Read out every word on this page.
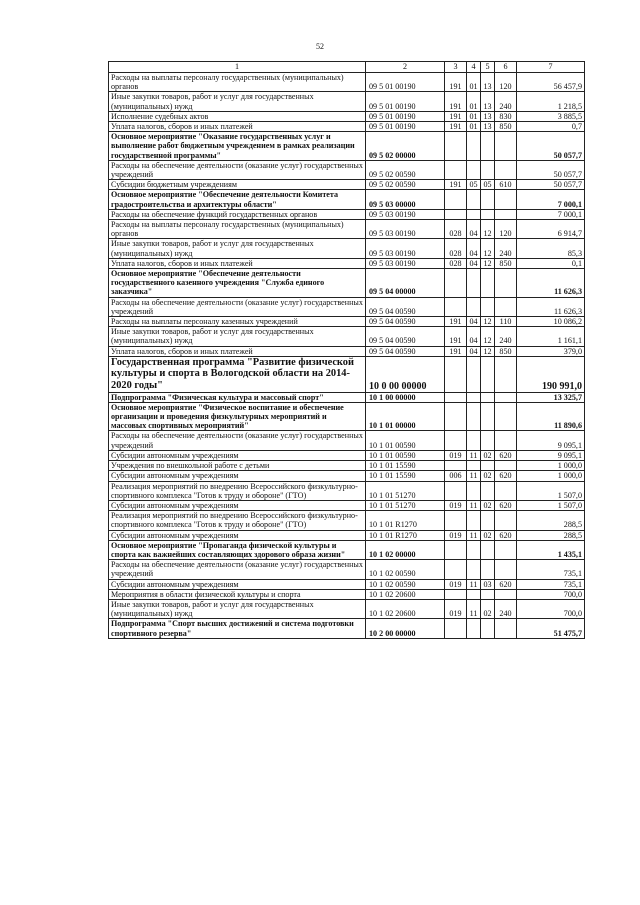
52
1	2	3	4	5	6	7
Расходы на выплаты персоналу государственных (муниципальных) органов	09 5 01 00190	191	01	13	120	56 457,9
Иные закупки товаров, работ и услуг для государственных (муниципальных) нужд	09 5 01 00190	191	01	13	240	1 218,5
Исполнение судебных актов	09 5 01 00190	191	01	13	830	3 885,5
Уплата налогов, сборов и иных платежей	09 5 01 00190	191	01	13	850	0,7
Основное мероприятие "Оказание государственных услуг и выполнение работ бюджетным учреждением в рамках реализации государственной программы"	09 5 02 00000					50 057,7
Расходы на обеспечение деятельности (оказание услуг) государственных учреждений	09 5 02 00590					50 057,7
Субсидии бюджетным учреждениям	09 5 02 00590	191	05	05	610	50 057,7
Основное мероприятие "Обеспечение деятельности Комитета градостроительства и архитектуры области"	09 5 03 00000					7 000,1
Расходы на обеспечение функций государственных органов	09 5 03 00190					7 000,1
Расходы на выплаты персоналу государственных (муниципальных) органов	09 5 03 00190	028	04	12	120	6 914,7
Иные закупки товаров, работ и услуг для государственных (муниципальных) нужд	09 5 03 00190	028	04	12	240	85,3
Уплата налогов, сборов и иных платежей	09 5 03 00190	028	04	12	850	0,1
Основное мероприятие "Обеспечение деятельности государственного казенного учреждения "Служба единого заказчика"	09 5 04 00000					11 626,3
Расходы на обеспечение деятельности (оказание услуг) государственных учреждений	09 5 04 00590					11 626,3
Расходы на выплаты персоналу казенных учреждений	09 5 04 00590	191	04	12	110	10 086,2
Иные закупки товаров, работ и услуг для государственных (муниципальных) нужд	09 5 04 00590	191	04	12	240	1 161,1
Уплата налогов, сборов и иных платежей	09 5 04 00590	191	04	12	850	379,0
Государственная программа "Развитие физической культуры и спорта в Вологодской области на 2014-2020 годы"	10 0 00 00000					190 991,0
Подпрограмма "Физическая культура и массовый спорт"	10 1 00 00000					13 325,7
Основное мероприятие "Физическое воспитание и обеспечение организации и проведения физкультурных мероприятий и массовых спортивных мероприятий"	10 1 01 00000					11 890,6
Расходы на обеспечение деятельности (оказание услуг) государственных учреждений	10 1 01 00590					9 095,1
Субсидии автономным учреждениям	10 1 01 00590	019	11	02	620	9 095,1
Учреждения по внешкольной работе с детьми	10 1 01 15590					1 000,0
Субсидии автономным учреждениям	10 1 01 15590	006	11	02	620	1 000,0
Реализация мероприятий по внедрению Всероссийского физкультурно-спортивного комплекса "Готов к труду и обороне" (ГТО)	10 1 01 51270					1 507,0
Субсидии автономным учреждениям	10 1 01 51270	019	11	02	620	1 507,0
Реализация мероприятий по внедрению Всероссийского физкультурно-спортивного комплекса "Готов к труду и обороне" (ГТО)	10 1 01 R1270					288,5
Субсидии автономным учреждениям	10 1 01 R1270	019	11	02	620	288,5
Основное мероприятие "Пропаганда физической культуры и спорта как важнейших составляющих здорового образа жизни"	10 1 02 00000					1 435,1
Расходы на обеспечение деятельности (оказание услуг) государственных учреждений	10 1 02 00590					735,1
Субсидии автономным учреждениям	10 1 02 00590	019	11	03	620	735,1
Мероприятия в области физической культуры и спорта	10 1 02 20600					700,0
Иные закупки товаров, работ и услуг для государственных (муниципальных) нужд	10 1 02 20600	019	11	02	240	700,0
Подпрограмма "Спорт высших достижений и система подготовки спортивного резерва"	10 2 00 00000					51 475,7
